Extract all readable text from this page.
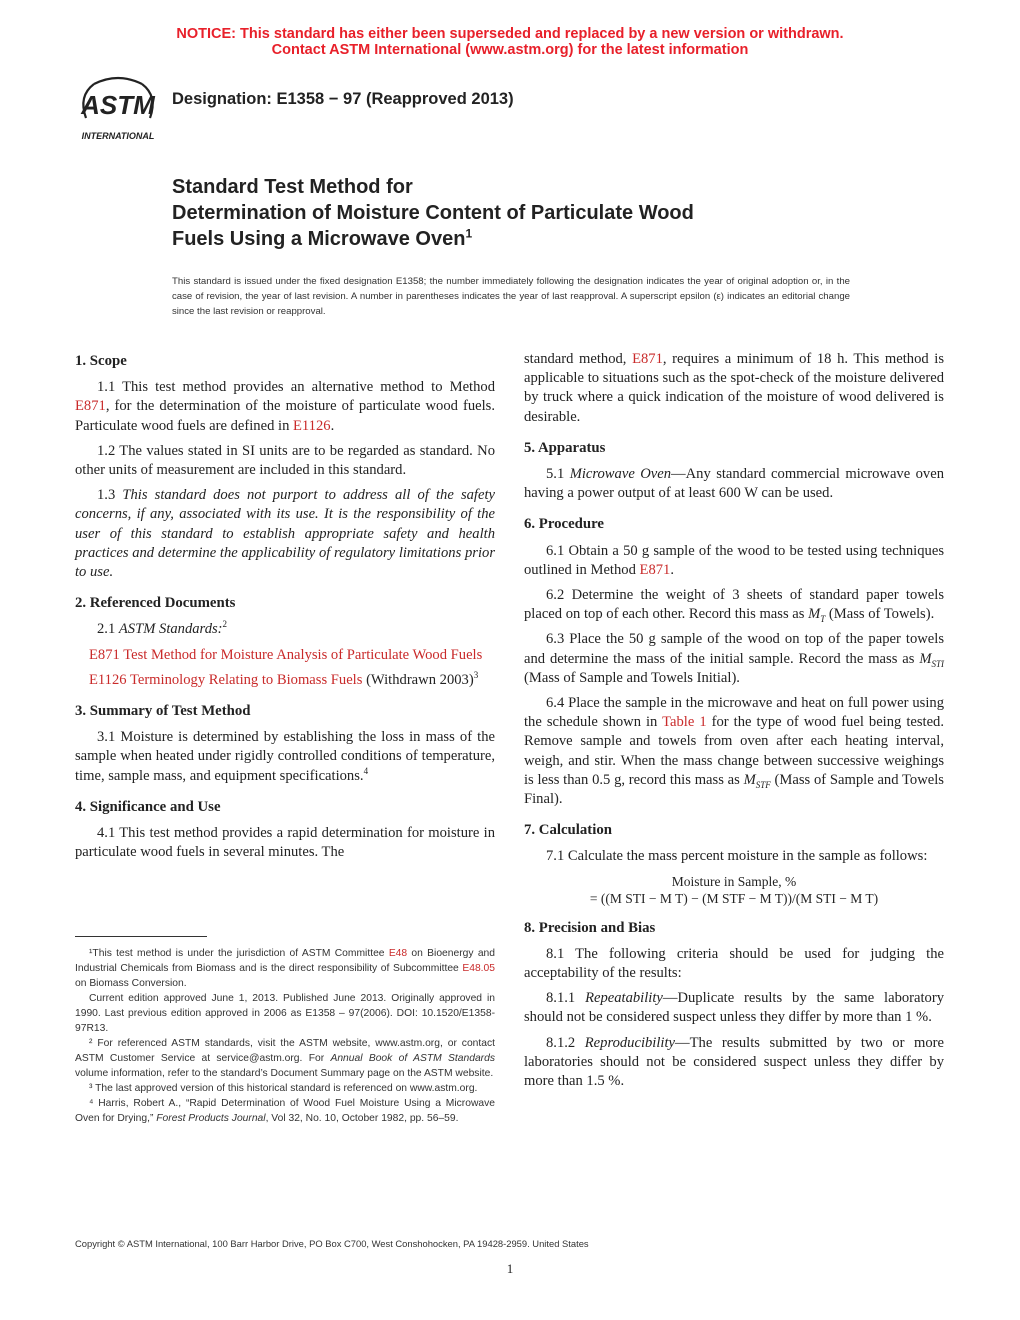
NOTICE: This standard has either been superseded and replaced by a new version or withdrawn.
Contact ASTM International (www.astm.org) for the latest information
ASTM
INTERNATIONAL
Designation: E1358 − 97 (Reapproved 2013)
Standard Test Method for
Determination of Moisture Content of Particulate Wood
Fuels Using a Microwave Oven$^1$
This standard is issued under the fixed designation E1358; the number immediately following the designation indicates the year of original adoption or, in the case of revision, the year of last revision. A number in parentheses indicates the year of last reapproval. A superscript epsilon (ε) indicates an editorial change since the last revision or reapproval.
1. Scope

1.1 This test method provides an alternative method to Method E871, for the determination of the moisture of particulate wood fuels. Particulate wood fuels are defined in E1126.

1.2 The values stated in SI units are to be regarded as standard. No other units of measurement are included in this standard.

1.3 This standard does not purport to address all of the safety concerns, if any, associated with its use. It is the responsibility of the user of this standard to establish appropriate safety and health practices and determine the applicability of regulatory limitations prior to use.

2. Referenced Documents

2.1 ASTM Standards:$^2$

E871 Test Method for Moisture Analysis of Particulate Wood Fuels

E1126 Terminology Relating to Biomass Fuels (Withdrawn 2003)$^3$

3. Summary of Test Method

3.1 Moisture is determined by establishing the loss in mass of the sample when heated under rigidly controlled conditions of temperature, time, sample mass, and equipment specifications.$^4$

4. Significance and Use

4.1 This test method provides a rapid determination for moisture in particulate wood fuels in several minutes. The

¹This test method is under the jurisdiction of ASTM Committee E48 on Bioenergy and Industrial Chemicals from Biomass and is the direct responsibility of Subcommittee E48.05 on Biomass Conversion.

Current edition approved June 1, 2013. Published June 2013. Originally approved in 1990. Last previous edition approved in 2006 as E1358 – 97(2006). DOI: 10.1520/E1358-97R13.

² For referenced ASTM standards, visit the ASTM website, www.astm.org, or contact ASTM Customer Service at service@astm.org. For Annual Book of ASTM Standards volume information, refer to the standard’s Document Summary page on the ASTM website.

³ The last approved version of this historical standard is referenced on www.astm.org.

⁴ Harris, Robert A., “Rapid Determination of Wood Fuel Moisture Using a Microwave Oven for Drying,” Forest Products Journal, Vol 32, No. 10, October 1982, pp. 56–59.

standard method, E871, requires a minimum of 18 h. This method is applicable to situations such as the spot-check of the moisture delivered by truck where a quick indication of the moisture of wood delivered is desirable.

5. Apparatus

5.1 Microwave Oven—Any standard commercial microwave oven having a power output of at least 600 W can be used.

6. Procedure

6.1 Obtain a 50 g sample of the wood to be tested using techniques outlined in Method E871.

6.2 Determine the weight of 3 sheets of standard paper towels placed on top of each other. Record this mass as $M_T$ (Mass of Towels).

6.3 Place the 50 g sample of the wood on top of the paper towels and determine the mass of the initial sample. Record the mass as $M_{STI}$ (Mass of Sample and Towels Initial).

6.4 Place the sample in the microwave and heat on full power using the schedule shown in Table 1 for the type of wood fuel being tested. Remove sample and towels from oven after each heating interval, weigh, and stir. When the mass change between successive weighings is less than 0.5 g, record this mass as $M_{STF}$ (Mass of Sample and Towels Final).

7. Calculation

7.1 Calculate the mass percent moisture in the sample as follows:

Moisture in Sample, %
= ((M STI − M T) − (M STF − M T))/(M STI − M T)
8. Precision and Bias

8.1 The following criteria should be used for judging the acceptability of the results:

8.1.1 Repeatability—Duplicate results by the same laboratory should not be considered suspect unless they differ by more than 1 %.

8.1.2 Reproducibility—The results submitted by two or more laboratories should not be considered suspect unless they differ by more than 1.5 %.

Copyright © ASTM International, 100 Barr Harbor Drive, PO Box C700, West Conshohocken, PA 19428-2959. United States
1
